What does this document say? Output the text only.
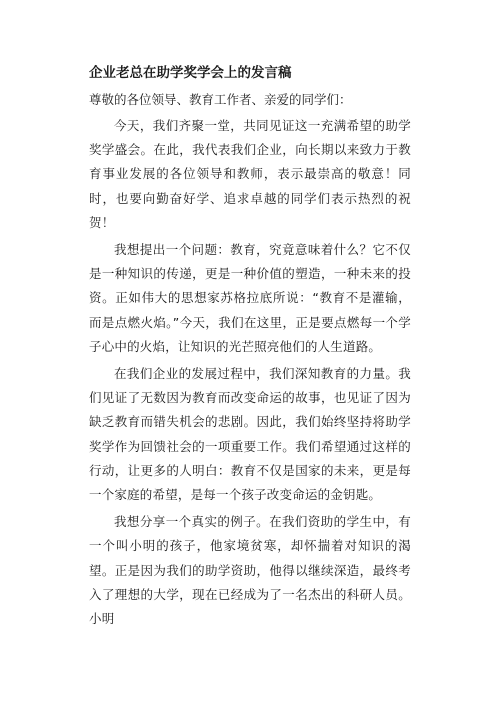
企业老总在助学奖学会上的发言稿

尊敬的各位领导、教育工作者、亲爱的同学们：

今天，我们齐聚一堂，共同见证这一充满希望的助学奖学盛会。在此，我代表我们企业，向长期以来致力于教育事业发展的各位领导和教师，表示最崇高的敬意！同时，也要向勤奋好学、追求卓越的同学们表示热烈的祝贺！

我想提出一个问题：教育，究竟意味着什么？它不仅是一种知识的传递，更是一种价值的塑造，一种未来的投资。正如伟大的思想家苏格拉底所说：“教育不是灌输，而是点燃火焰。”今天，我们在这里，正是要点燃每一个学子心中的火焰，让知识的光芒照亮他们的人生道路。

在我们企业的发展过程中，我们深知教育的力量。我们见证了无数因为教育而改变命运的故事，也见证了因为缺乏教育而错失机会的悲剧。因此，我们始终坚持将助学奖学作为回馈社会的一项重要工作。我们希望通过这样的行动，让更多的人明白：教育不仅是国家的未来，更是每一个家庭的希望，是每一个孩子改变命运的金钥匙。

我想分享一个真实的例子。在我们资助的学生中，有一个叫小明的孩子，他家境贫寒，却怀揣着对知识的渴望。正是因为我们的助学资助，他得以继续深造，最终考入了理想的大学，现在已经成为了一名杰出的科研人员。小明
